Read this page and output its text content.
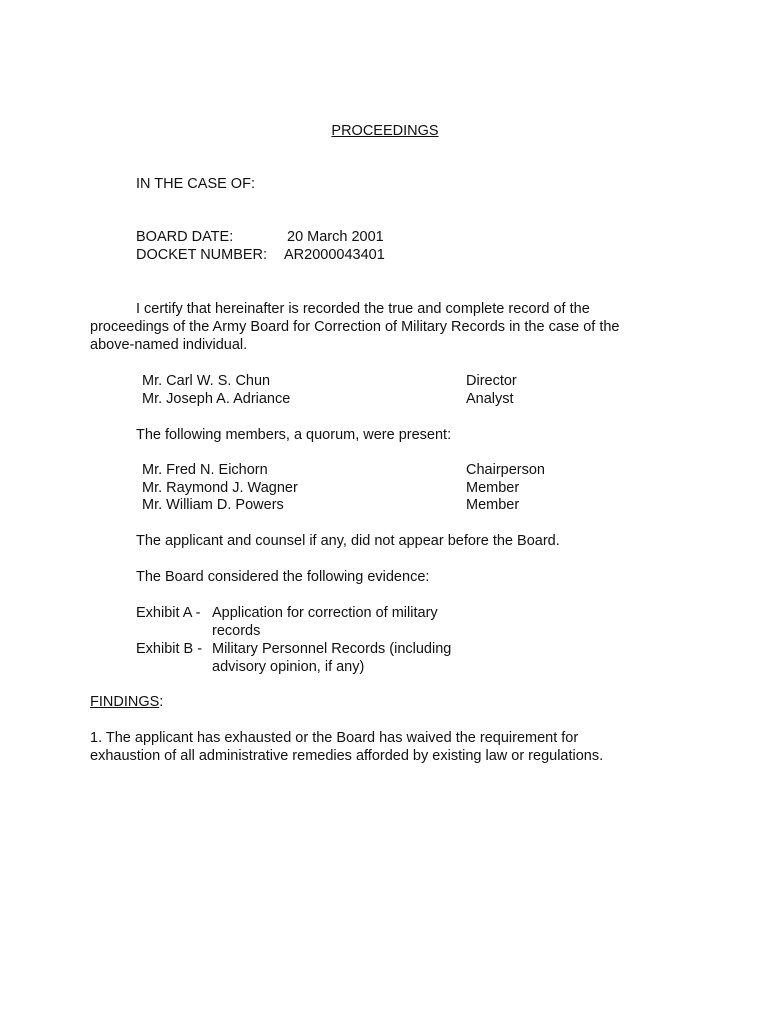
PROCEEDINGS
IN THE CASE OF:
BOARD DATE:	20 March 2001
DOCKET NUMBER: AR2000043401
I certify that hereinafter is recorded the true and complete record of the
proceedings of the Army Board for Correction of Military Records in the case of the
above-named individual.
Mr. Carl W. S. Chun	Director
Mr. Joseph A. Adriance	Analyst
The following members, a quorum, were present:
Mr. Fred N. Eichorn	Chairperson
Mr. Raymond J. Wagner	Member
Mr. William D. Powers	Member
The applicant and counsel if any, did not appear before the Board.
The Board considered the following evidence:
Exhibit A - Application for correction of military
records
Exhibit B - Military Personnel Records (including
advisory opinion, if any)
FINDINGS:
1. The applicant has exhausted or the Board has waived the requirement for
exhaustion of all administrative remedies afforded by existing law or regulations.
